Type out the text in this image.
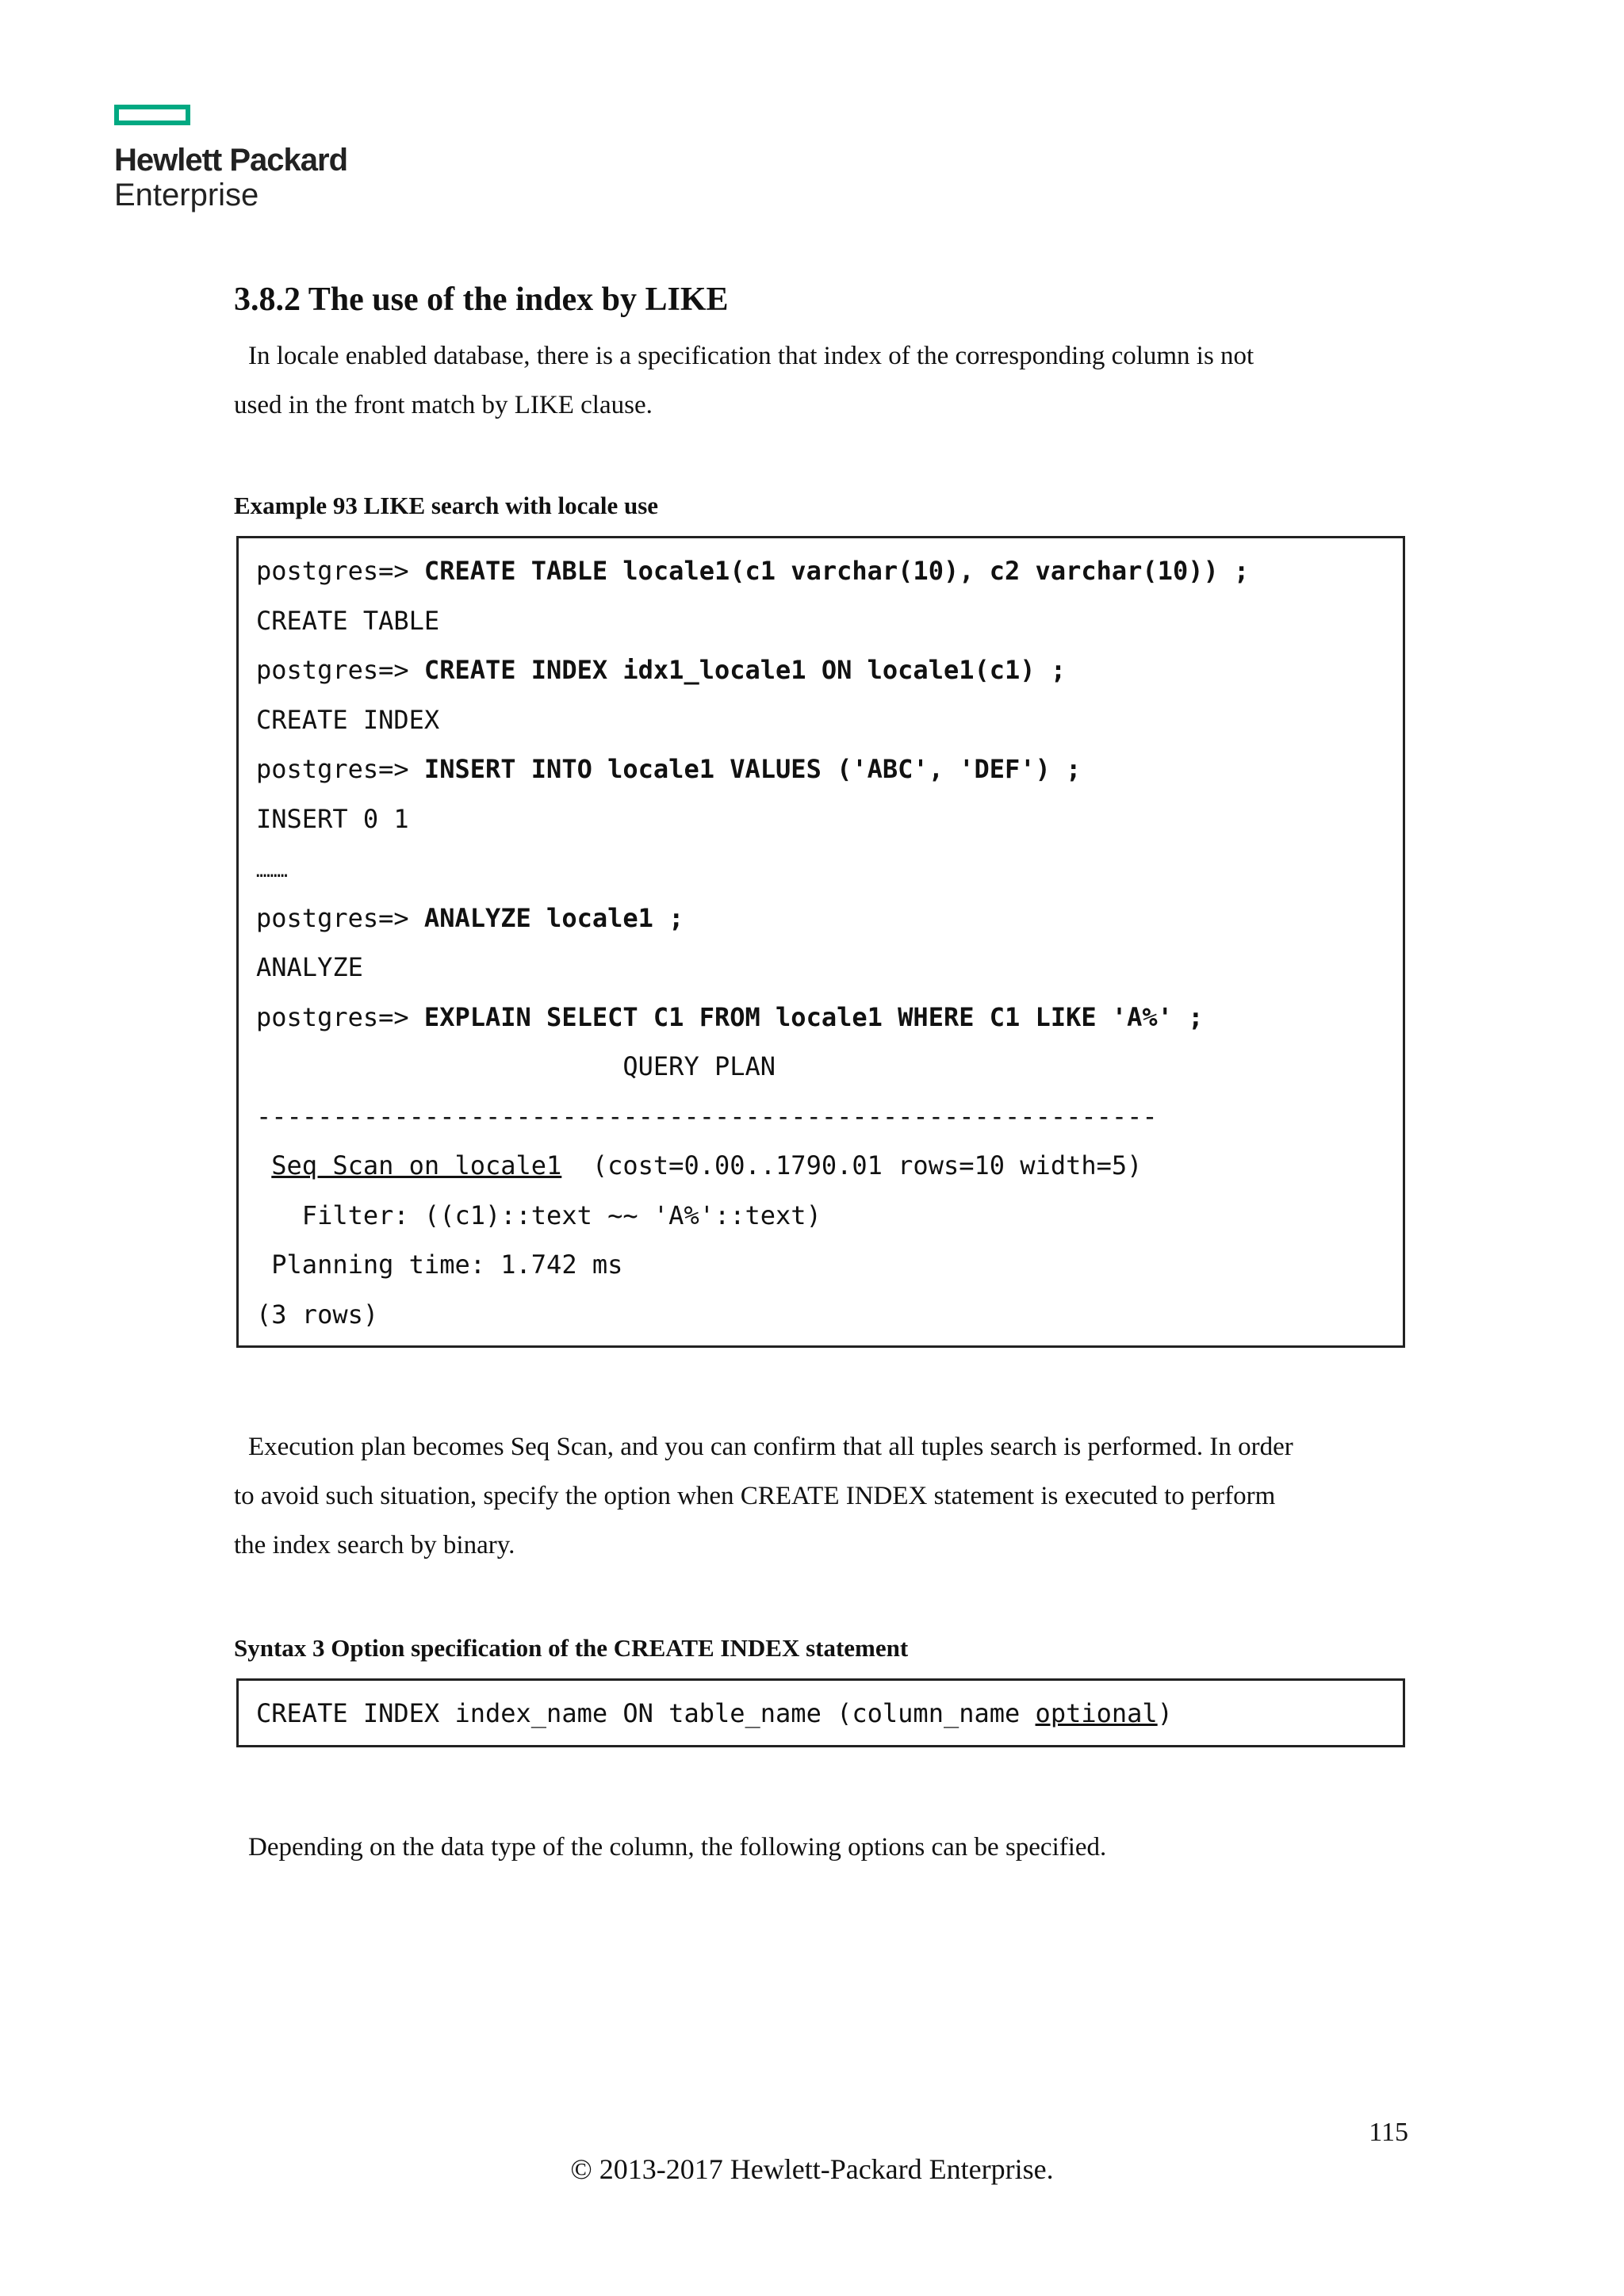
Hewlett Packard
Enterprise
3.8.2 The use of the index by LIKE

In locale enabled database, there is a specification that index of the corresponding column is not
used in the front match by LIKE clause.

Example 93 LIKE search with locale use

postgres=> CREATE TABLE locale1(c1 varchar(10), c2 varchar(10)) ;
CREATE TABLE
postgres=> CREATE INDEX idx1_locale1 ON locale1(c1) ;
CREATE INDEX
postgres=> INSERT INTO locale1 VALUES ('ABC', 'DEF') ;
INSERT 0 1
………
postgres=> ANALYZE locale1 ;
ANALYZE
postgres=> EXPLAIN SELECT C1 FROM locale1 WHERE C1 LIKE 'A%' ;
QUERY PLAN
-----------------------------------------------------------
Seq Scan on locale1  (cost=0.00..1790.01 rows=10 width=5)
Filter: ((c1)::text ~~ 'A%'::text)
Planning time: 1.742 ms
(3 rows)

Execution plan becomes Seq Scan, and you can confirm that all tuples search is performed. In order
to avoid such situation, specify the option when CREATE INDEX statement is executed to perform
the index search by binary.

Syntax 3 Option specification of the CREATE INDEX statement

CREATE INDEX index_name ON table_name (column_name optional)

Depending on the data type of the column, the following options can be specified.

115
© 2013-2017 Hewlett-Packard Enterprise.
